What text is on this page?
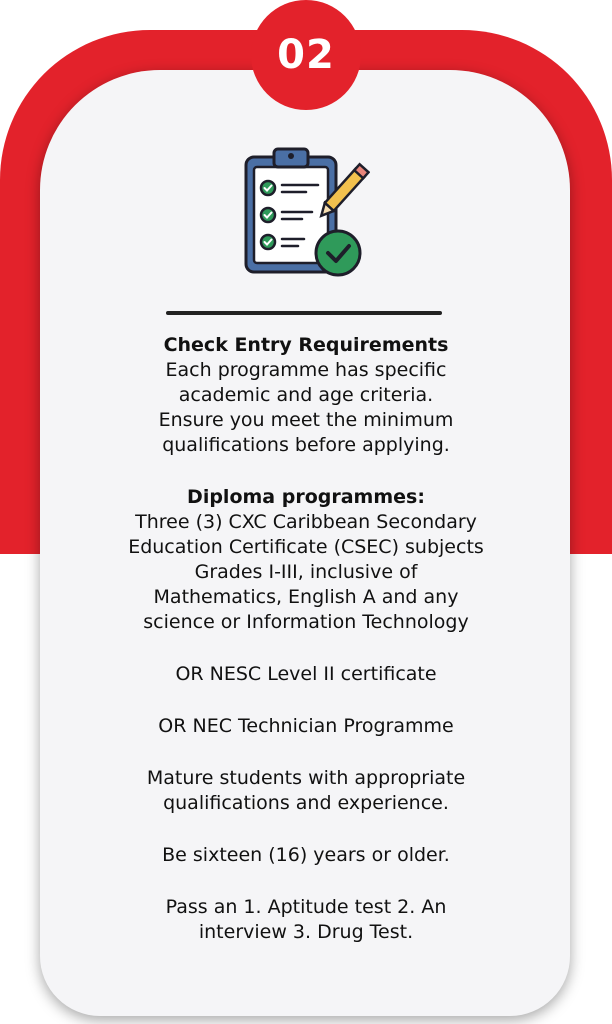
02

Check Entry Requirements

Each programme has specific

academic and age criteria.

Ensure you meet the minimum

qualifications before applying.

Diploma programmes:

Three (3) CXC Caribbean Secondary

Education Certificate (CSEC) subjects

Grades I-III, inclusive of

Mathematics, English A and any

science or Information Technology

OR NESC Level II certificate

OR NEC Technician Programme

Mature students with appropriate

qualifications and experience.

Be sixteen (16) years or older.

Pass an 1. Aptitude test 2. An

interview 3. Drug Test.
